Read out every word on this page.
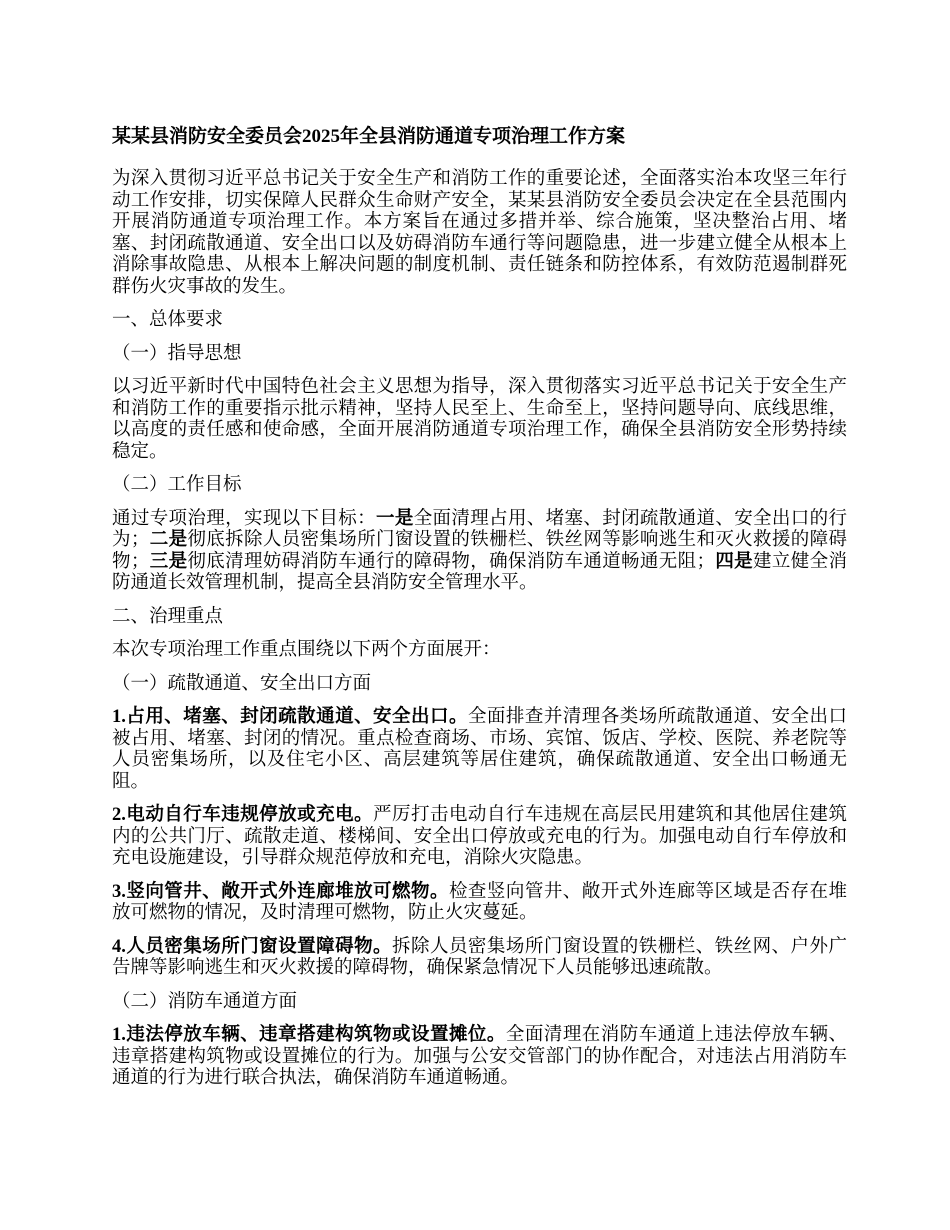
某某县消防安全委员会2025年全县消防通道专项治理工作方案

为深入贯彻习近平总书记关于安全生产和消防工作的重要论述，全面落实治本攻坚三年行动工作安排，切实保障人民群众生命财产安全，某某县消防安全委员会决定在全县范围内开展消防通道专项治理工作。本方案旨在通过多措并举、综合施策，坚决整治占用、堵塞、封闭疏散通道、安全出口以及妨碍消防车通行等问题隐患，进一步建立健全从根本上消除事故隐患、从根本上解决问题的制度机制、责任链条和防控体系，有效防范遏制群死群伤火灾事故的发生。

一、总体要求

（一）指导思想

以习近平新时代中国特色社会主义思想为指导，深入贯彻落实习近平总书记关于安全生产和消防工作的重要指示批示精神，坚持人民至上、生命至上，坚持问题导向、底线思维，以高度的责任感和使命感，全面开展消防通道专项治理工作，确保全县消防安全形势持续稳定。

（二）工作目标

通过专项治理，实现以下目标：一是全面清理占用、堵塞、封闭疏散通道、安全出口的行为；二是彻底拆除人员密集场所门窗设置的铁栅栏、铁丝网等影响逃生和灭火救援的障碍物；三是彻底清理妨碍消防车通行的障碍物，确保消防车通道畅通无阻；四是建立健全消防通道长效管理机制，提高全县消防安全管理水平。

二、治理重点

本次专项治理工作重点围绕以下两个方面展开：

（一）疏散通道、安全出口方面

1.占用、堵塞、封闭疏散通道、安全出口。全面排查并清理各类场所疏散通道、安全出口被占用、堵塞、封闭的情况。重点检查商场、市场、宾馆、饭店、学校、医院、养老院等人员密集场所，以及住宅小区、高层建筑等居住建筑，确保疏散通道、安全出口畅通无阻。

2.电动自行车违规停放或充电。严厉打击电动自行车违规在高层民用建筑和其他居住建筑内的公共门厅、疏散走道、楼梯间、安全出口停放或充电的行为。加强电动自行车停放和充电设施建设，引导群众规范停放和充电，消除火灾隐患。

3.竖向管井、敞开式外连廊堆放可燃物。检查竖向管井、敞开式外连廊等区域是否存在堆放可燃物的情况，及时清理可燃物，防止火灾蔓延。

4.人员密集场所门窗设置障碍物。拆除人员密集场所门窗设置的铁栅栏、铁丝网、户外广告牌等影响逃生和灭火救援的障碍物，确保紧急情况下人员能够迅速疏散。

（二）消防车通道方面

1.违法停放车辆、违章搭建构筑物或设置摊位。全面清理在消防车通道上违法停放车辆、违章搭建构筑物或设置摊位的行为。加强与公安交管部门的协作配合，对违法占用消防车通道的行为进行联合执法，确保消防车通道畅通。
